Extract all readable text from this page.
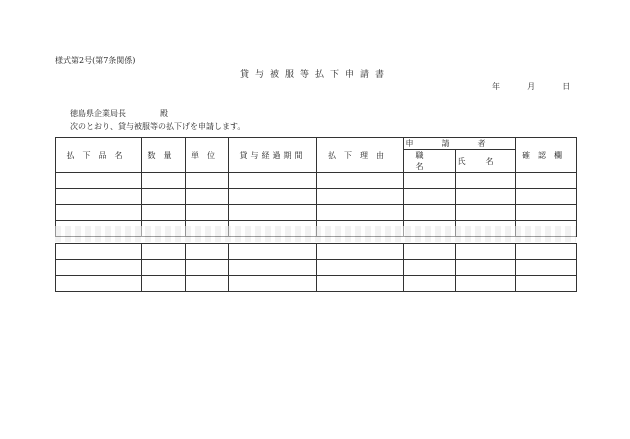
様式第2号(第7条関係)
貸与被服等払下申請書
年	月	日
徳島県企業局長	殿
次のとおり、貸与被服等の払下げを申請します。
払下品名	数量	単位	貸与経過期間	払下理由	申請者		確認欄
					職名	氏名	
